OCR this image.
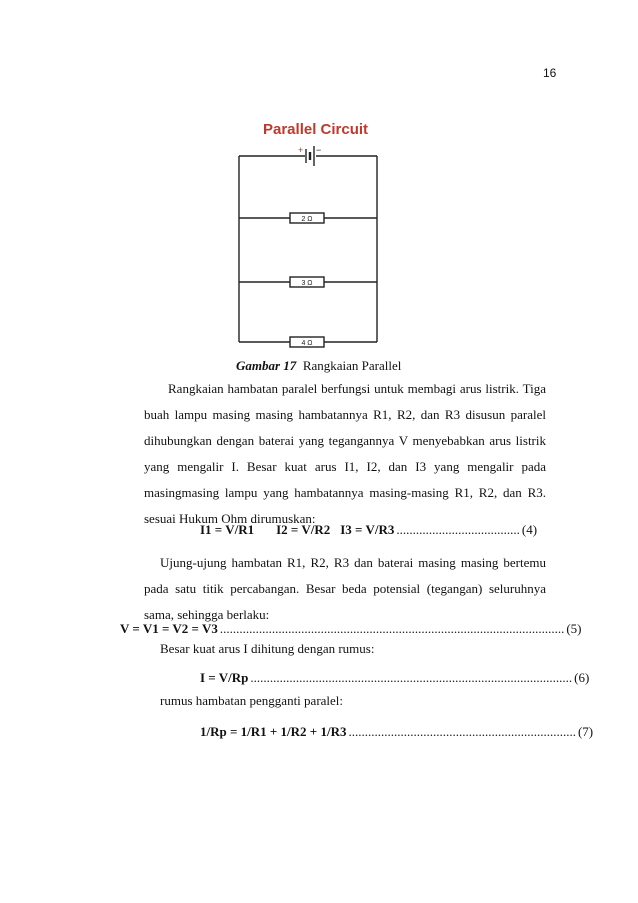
16
Parallel Circuit
+ −
2 Ω
3 Ω
4 Ω
Gambar 17 Rangkaian Parallel
Rangkaian hambatan paralel berfungsi untuk membagi arus listrik. Tiga
buah lampu masing masing hambatannya R1, R2, dan R3 disusun paralel
dihubungkan dengan baterai yang tegangannya V menyebabkan arus listrik
yang mengalir I. Besar kuat arus I1, I2, dan I3 yang mengalir pada
masingmasing lampu yang hambatannya masing-masing R1, R2, dan R3.
sesuai Hukum Ohm dirumuskan:
I1 = V/R1 I2 = V/R2 I3 = V/R3 ...................................... (4)
Ujung-ujung hambatan R1, R2, R3 dan baterai masing masing bertemu
pada satu titik percabangan. Besar beda potensial (tegangan) seluruhnya
sama, sehingga berlaku:
V = V1 = V2 = V3 .......................................................................................................... (5)
Besar kuat arus I dihitung dengan rumus:
I = V/Rp ................................................................................................... (6)
rumus hambatan pengganti paralel:
1/Rp = 1/R1 + 1/R2 + 1/R3 ...................................................................... (7)
